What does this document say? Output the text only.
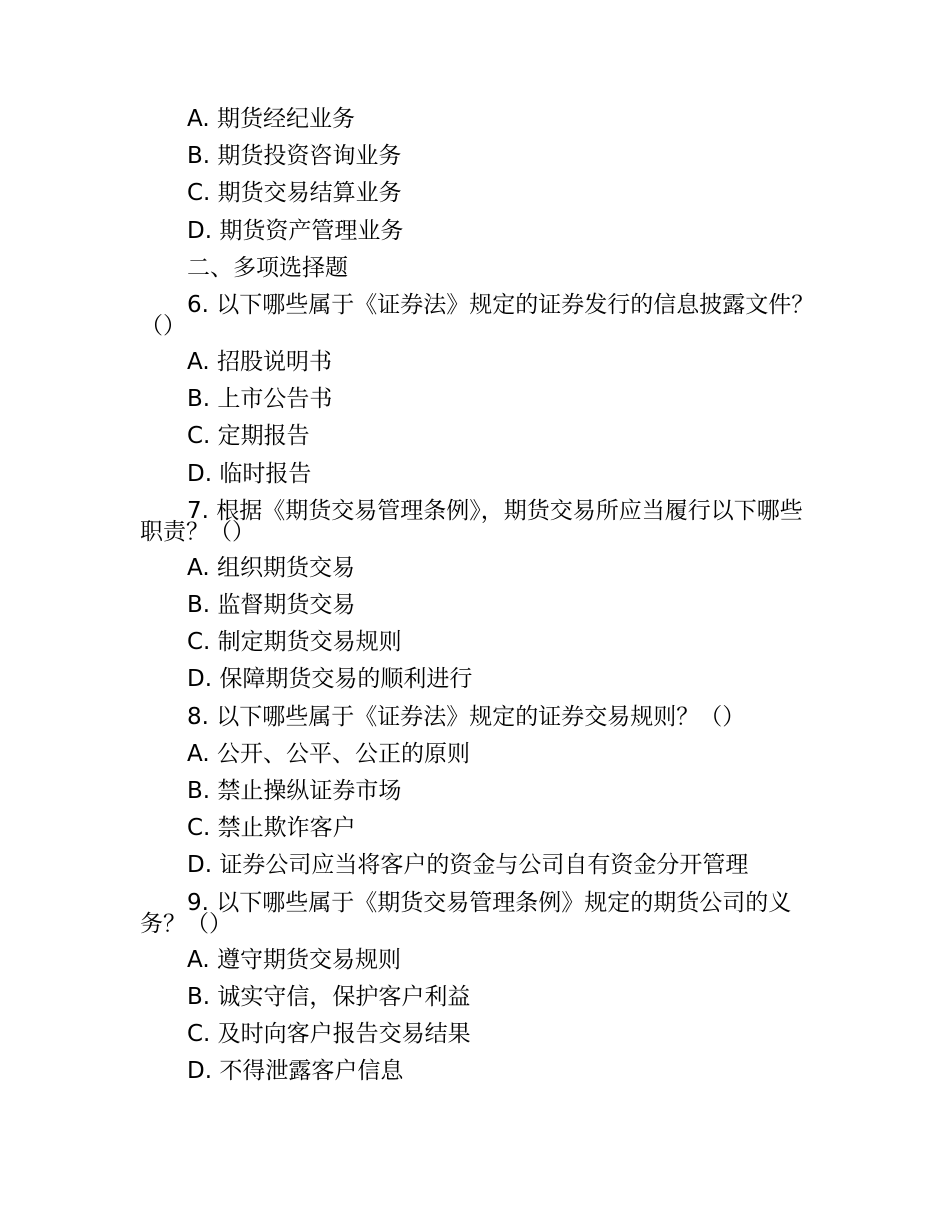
A. 期货经纪业务

B. 期货投资咨询业务

C. 期货交易结算业务

D. 期货资产管理业务

二、多项选择题

6. 以下哪些属于《证券法》规定的证券发行的信息披露文件？（）

A. 招股说明书

B. 上市公告书

C. 定期报告

D. 临时报告

7. 根据《期货交易管理条例》，期货交易所应当履行以下哪些职责？（）

A. 组织期货交易

B. 监督期货交易

C. 制定期货交易规则

D. 保障期货交易的顺利进行

8. 以下哪些属于《证券法》规定的证券交易规则？（）

A. 公开、公平、公正的原则

B. 禁止操纵证券市场

C. 禁止欺诈客户

D. 证券公司应当将客户的资金与公司自有资金分开管理

9. 以下哪些属于《期货交易管理条例》规定的期货公司的义务？（）

A. 遵守期货交易规则

B. 诚实守信，保护客户利益

C. 及时向客户报告交易结果

D. 不得泄露客户信息
